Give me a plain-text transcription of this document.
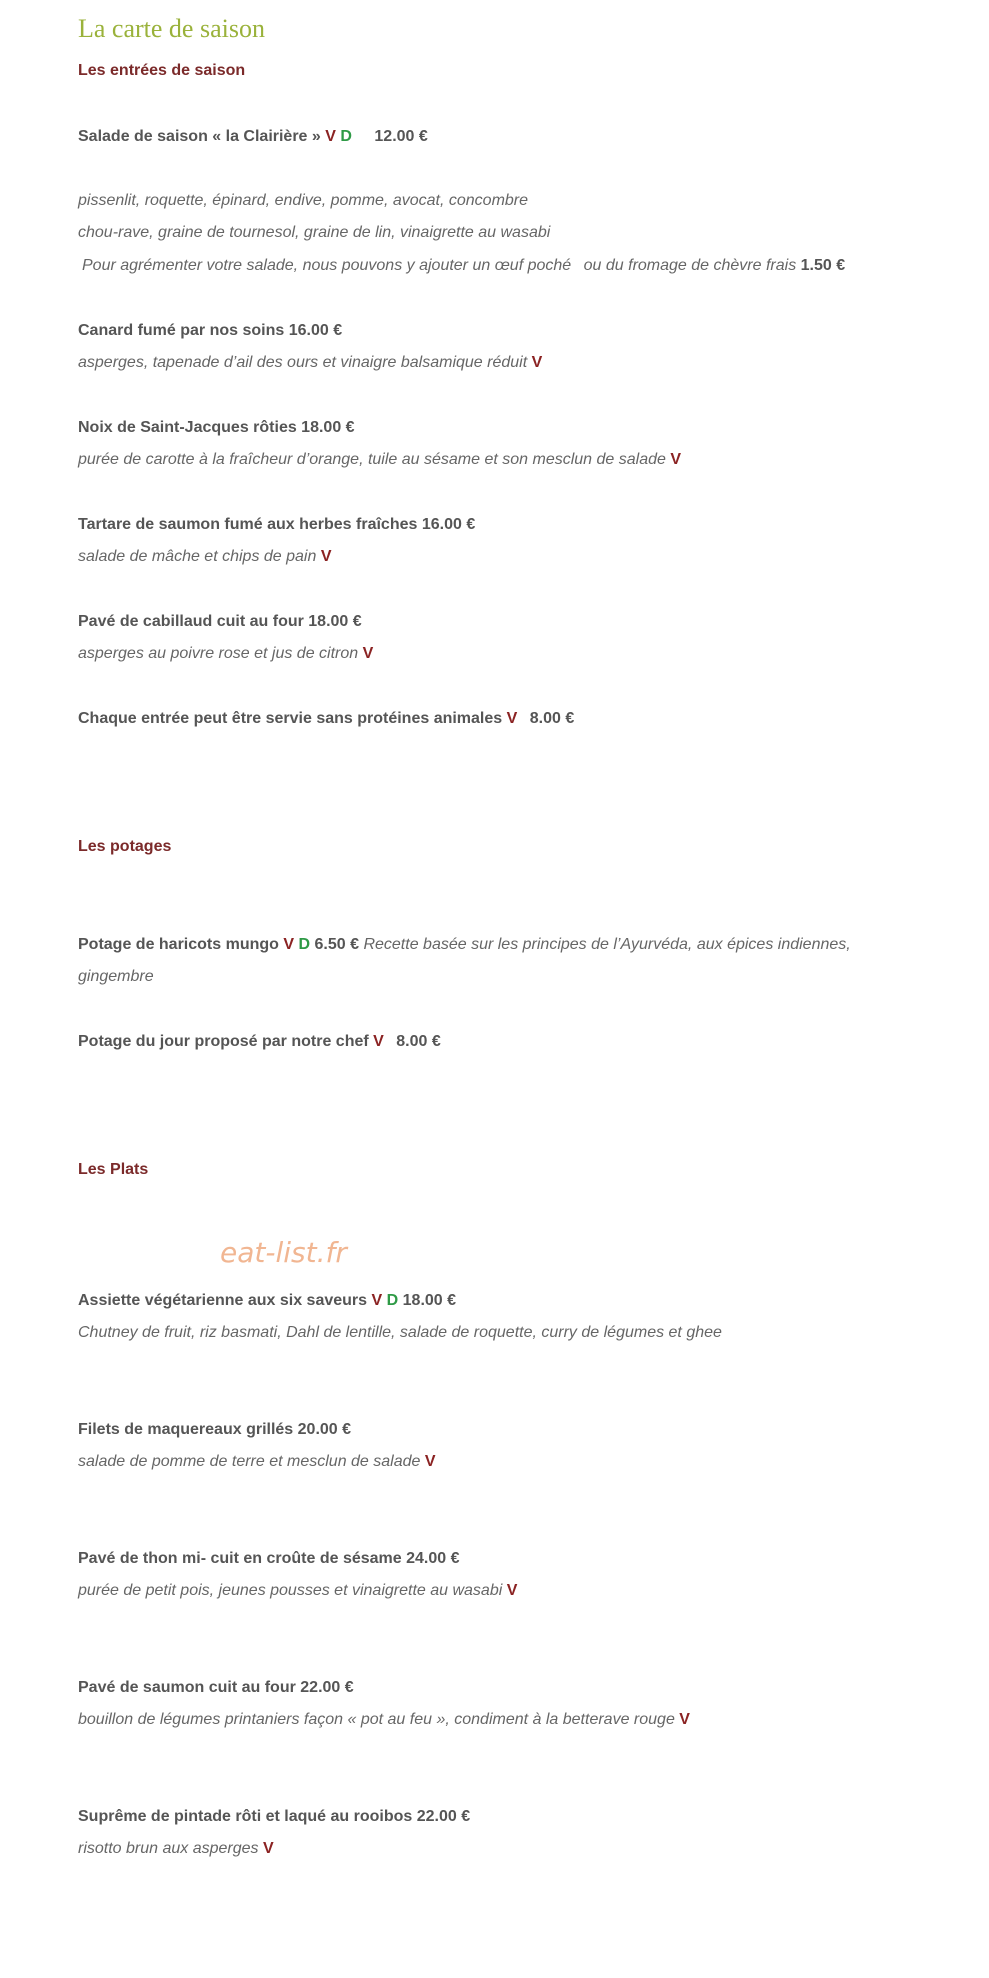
La carte de saison
Les entrées de saison

Salade de saison « la Clairière » V D 12.00 €

pissenlit, roquette, épinard, endive, pomme, avocat, concombre

chou-rave, graine de tournesol, graine de lin, vinaigrette au wasabi

Pour agrémenter votre salade, nous pouvons y ajouter un œuf poché ou du fromage de chèvre frais 1.50 €

Canard fumé par nos soins 16.00 €

asperges, tapenade d’ail des ours et vinaigre balsamique réduit V

Noix de Saint-Jacques rôties 18.00 €

purée de carotte à la fraîcheur d’orange, tuile au sésame et son mesclun de salade V

Tartare de saumon fumé aux herbes fraîches 16.00 €

salade de mâche et chips de pain V

Pavé de cabillaud cuit au four 18.00 €

asperges au poivre rose et jus de citron V

Chaque entrée peut être servie sans protéines animales V 8.00 €

Les potages

Potage de haricots mungo V D 6.50 € Recette basée sur les principes de l’Ayurvéda, aux épices indiennes,

gingembre

Potage du jour proposé par notre chef V 8.00 €

Les Plats
eat-list.fr

Assiette végétarienne aux six saveurs V D 18.00 €

Chutney de fruit, riz basmati, Dahl de lentille, salade de roquette, curry de légumes et ghee

Filets de maquereaux grillés 20.00 €

salade de pomme de terre et mesclun de salade V

Pavé de thon mi- cuit en croûte de sésame 24.00 €

purée de petit pois, jeunes pousses et vinaigrette au wasabi V

Pavé de saumon cuit au four 22.00 €

bouillon de légumes printaniers façon « pot au feu », condiment à la betterave rouge V

Suprême de pintade rôti et laqué au rooibos 22.00 €

risotto brun aux asperges V
